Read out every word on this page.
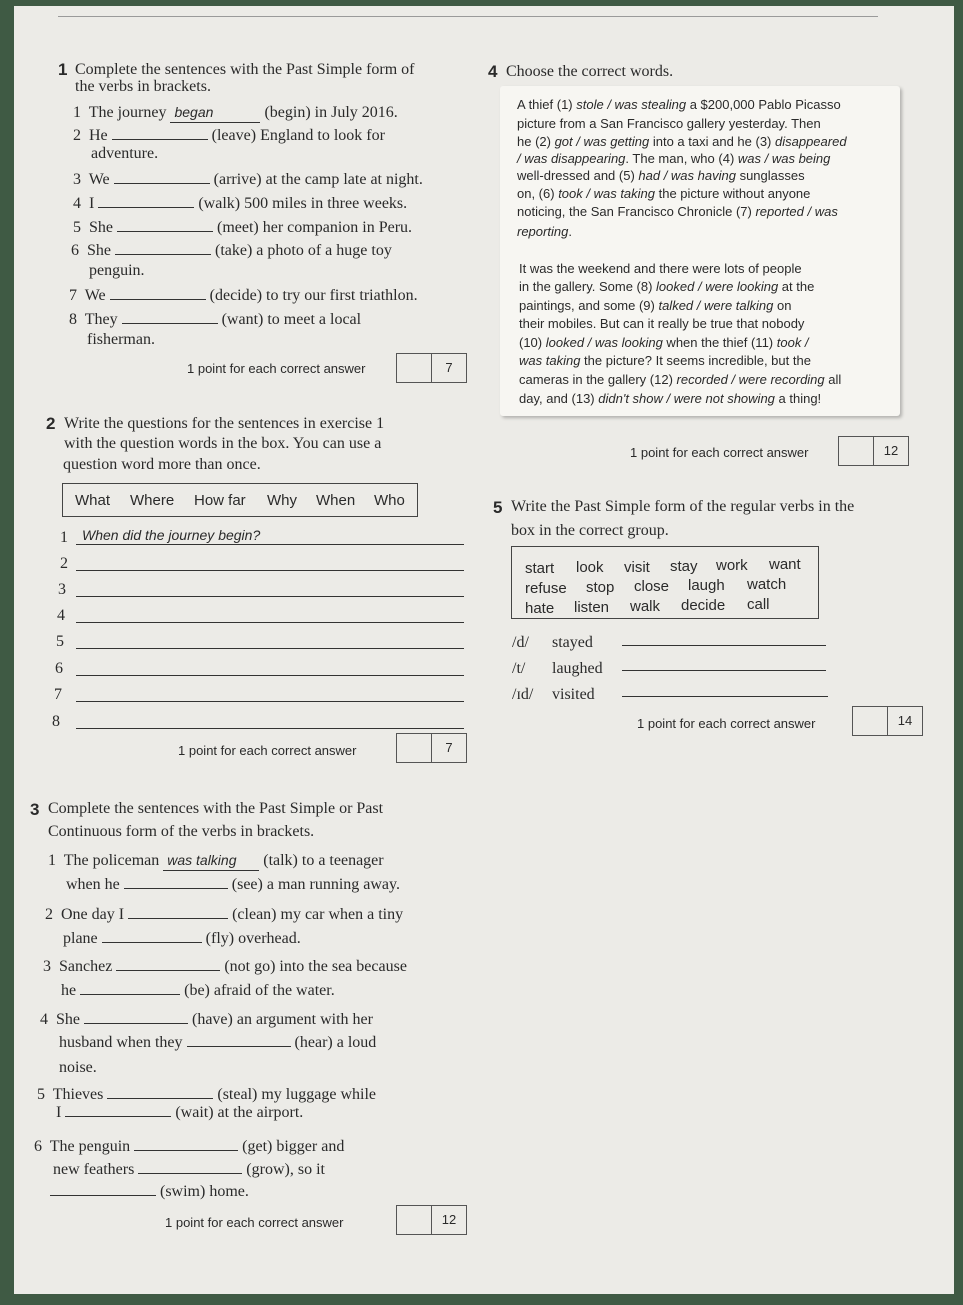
1 Complete the sentences with the Past Simple form of
the verbs in brackets.
1 The journey began	(begin) in July 2016.
2 He	(leave) England to look for
adventure.
3 We	(arrive) at the camp late at night.
4 I	(walk) 500 miles in three weeks.
5 She	(meet) her companion in Peru.
6 She	(take) a photo of a huge toy
penguin.
7 We	(decide) to try our first triathlon.
8 They	(want) to meet a local
fisherman.
1 point for each correct answer	7
4 Choose the correct words.
A thief (1) stole / was stealing a $200,000 Pablo Picasso
picture from a San Francisco gallery yesterday. Then
he (2) got / was getting into a taxi and he (3) disappeared
/ was disappearing. The man, who (4) was / was being
well-dressed and (5) had / was having sunglasses
on, (6) took / was taking the picture without anyone
noticing, the San Francisco Chronicle (7) reported / was
reporting.
It was the weekend and there were lots of people
in the gallery. Some (8) looked / were looking at the
paintings, and some (9) talked / were talking on
their mobiles. But can it really be true that nobody
(10) looked / was looking when the thief (11) took /
was taking the picture? It seems incredible, but the
cameras in the gallery (12) recorded / were recording all
day, and (13) didn't show / were not showing a thing!
1 point for each correct answer	12
2 Write the questions for the sentences in exercise 1
with the question words in the box. You can use a
question word more than once.
What Where How far Why When Who
1	When did the journey begin?
2
3
4
5
6
7
8
1 point for each correct answer	7
5 Write the Past Simple form of the regular verbs in the
box in the correct group.
start look visit stay work want
refuse stop close laugh watch
hate listen walk decide call
/d/ stayed
/t/ laughed
/ɪd/ visited
1 point for each correct answer	14
3 Complete the sentences with the Past Simple or Past
Continuous form of the verbs in brackets.
1 The policeman was talking (talk) to a teenager
when he	(see) a man running away.
2 One day I	(clean) my car when a tiny
plane	(fly) overhead.
3 Sanchez	(not go) into the sea because
he	(be) afraid of the water.
4 She	(have) an argument with her
husband when they	(hear) a loud
noise.
5 Thieves	(steal) my luggage while
I	(wait) at the airport.
6 The penguin	(get) bigger and
new feathers	(grow), so it
(swim) home.
1 point for each correct answer	12
